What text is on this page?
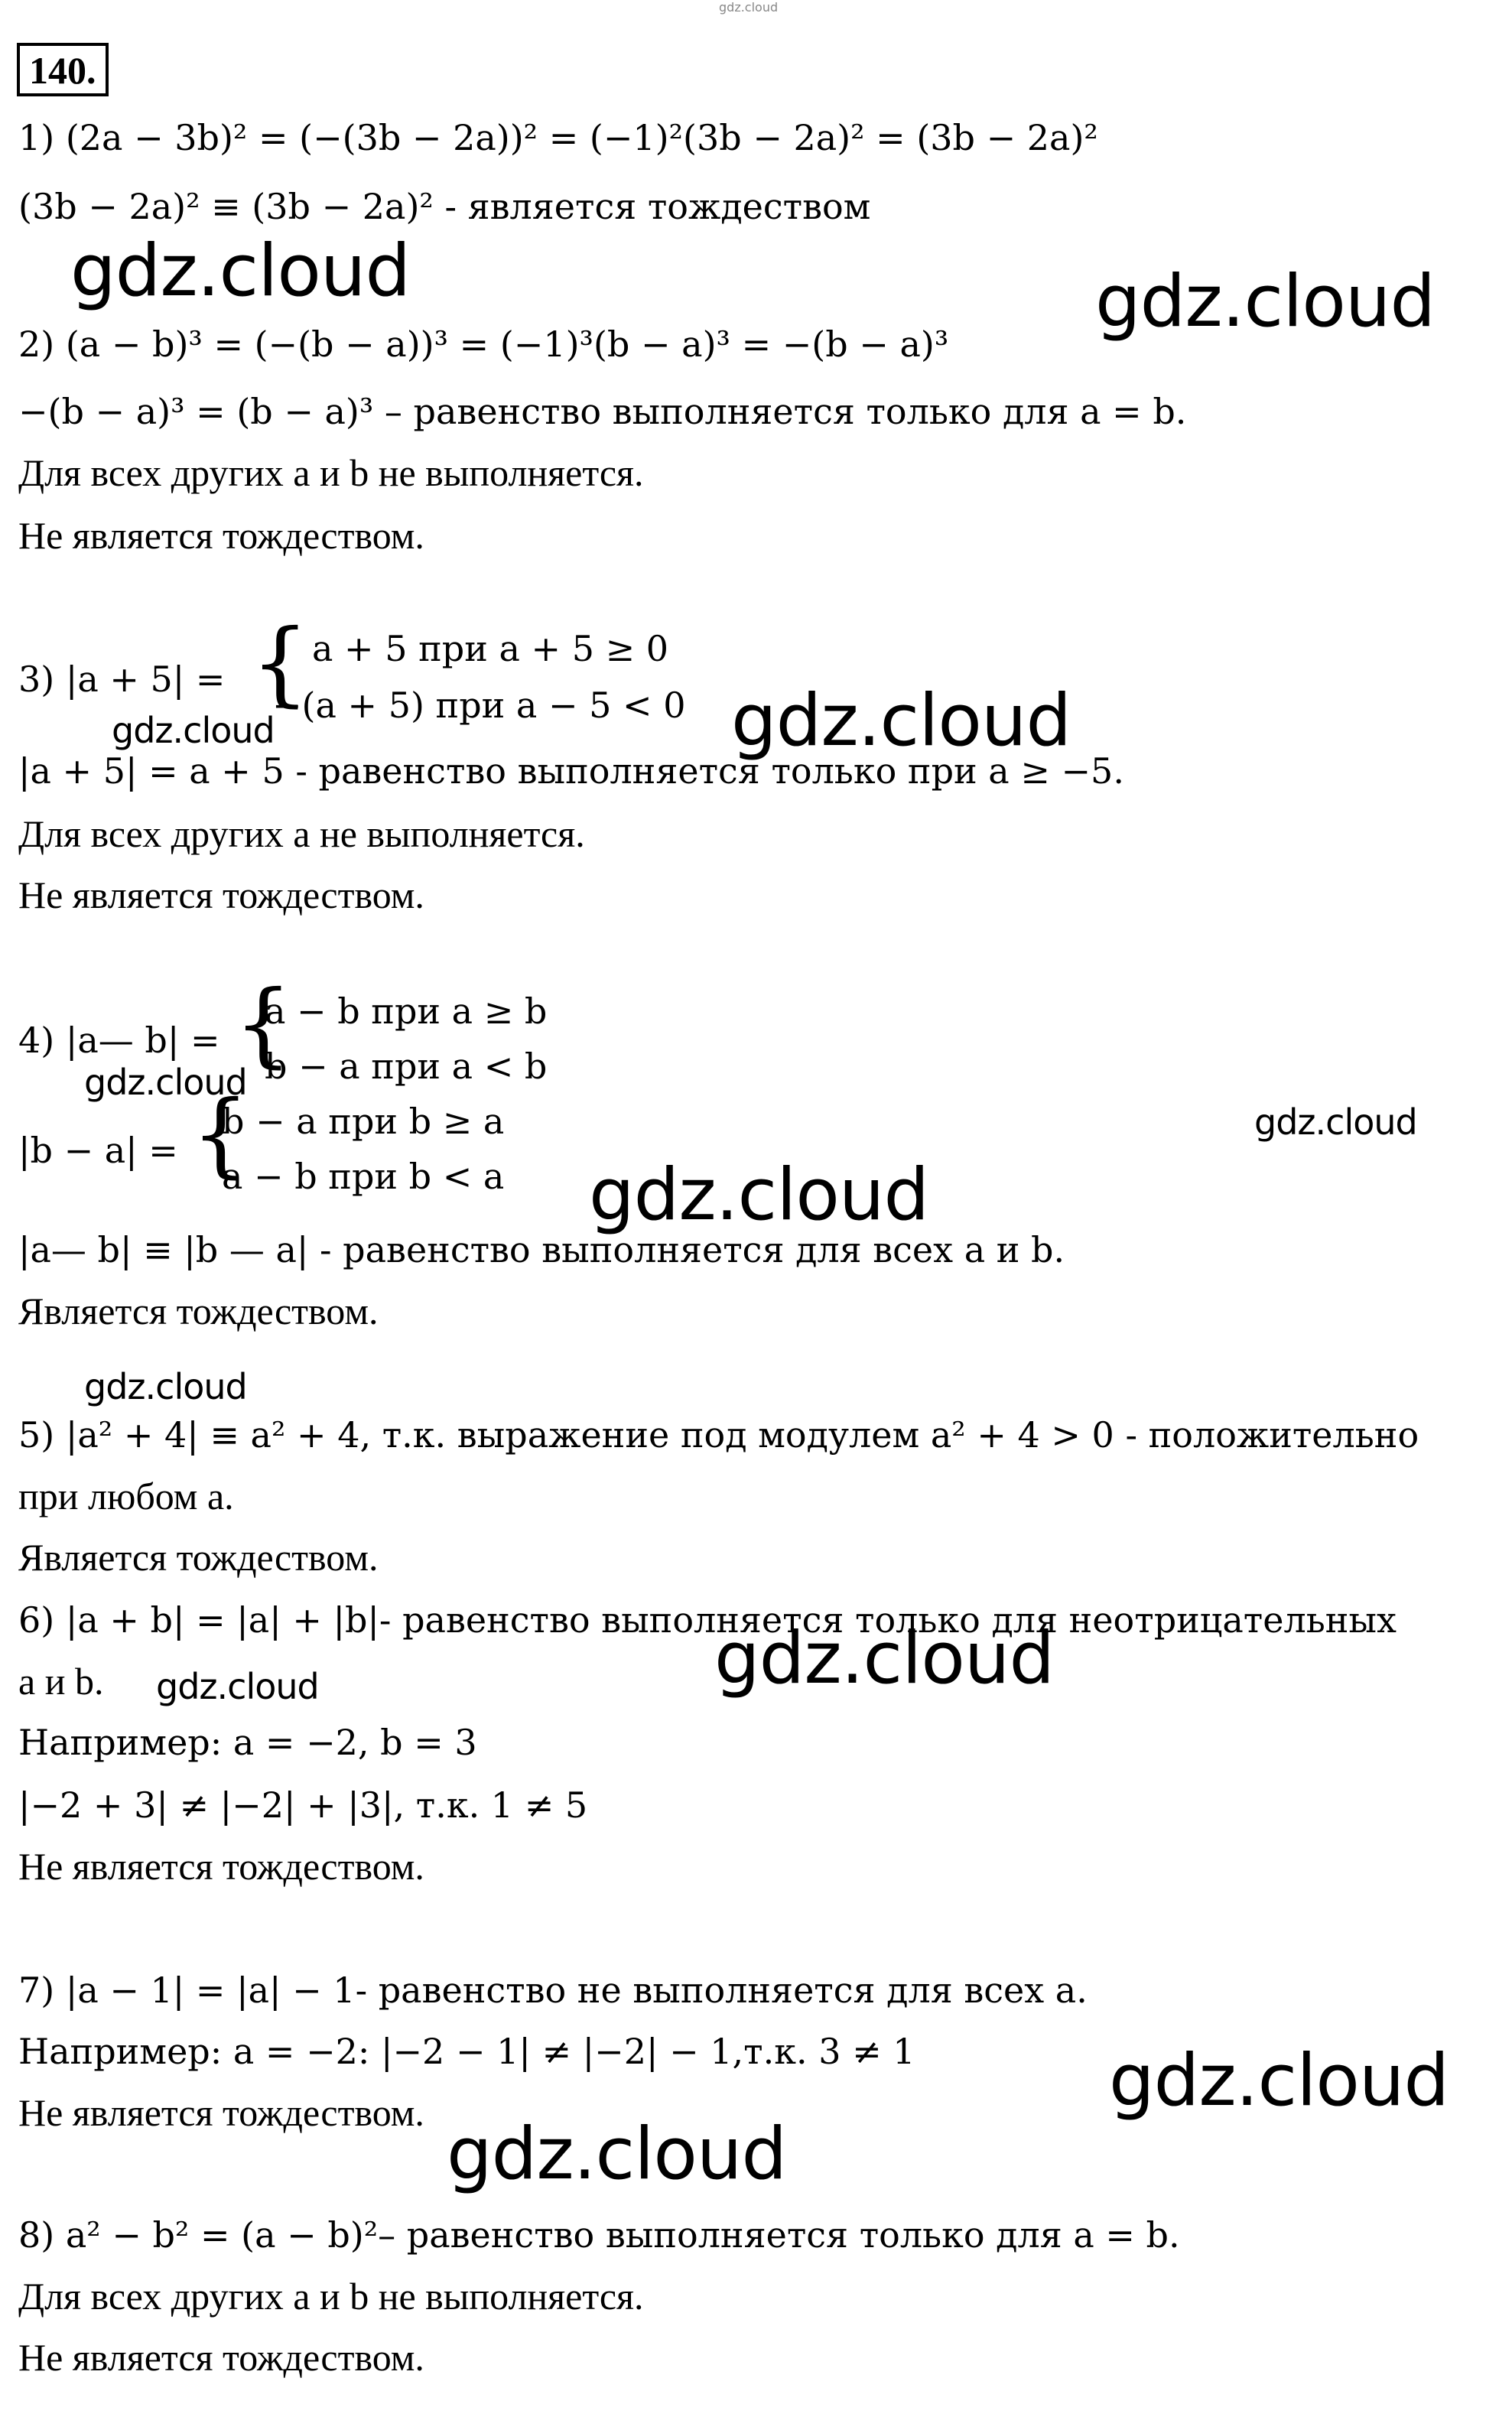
gdz.cloud
140.
1) (2a − 3b)² = (−(3b − 2a))² = (−1)²(3b − 2a)² = (3b − 2a)²
(3b − 2a)² ≡ (3b − 2a)² - является тождеством
gdz.cloud	gdz.cloud
2) (a − b)³ = (−(b − a))³ = (−1)³(b − a)³ = −(b − a)³
−(b − a)³ = (b − a)³ – равенство выполняется только для a = b.
Для всех других a и b не выполняется.
Не является тождеством.
3) |a + 5| = { a + 5 при a + 5 ≥ 0
−(a + 5) при a − 5 < 0
gdz.cloud	gdz.cloud
|a + 5| = a + 5 - равенство выполняется только при a ≥ −5.
Для всех других a не выполняется.
Не является тождеством.
4) |a— b| = {
a − b при a ≥ b
b − a при a < b
gdz.cloud
|b − a| = {
b − a при b ≥ a
a − b при b < a
gdz.cloud
gdz.cloud
|a— b| ≡ |b — a| - равенство выполняется для всех a и b.
Является тождеством.
gdz.cloud
5) |a² + 4| ≡ a² + 4, т.к. выражение под модулем a² + 4 > 0 - положительно
при любом a.
Является тождеством.
6) |a + b| = |a| + |b|- равенство выполняется только для неотрицательных
a и b. gdz.cloud	gdz.cloud
Например: a = −2, b = 3
|−2 + 3| ≠ |−2| + |3|, т.к. 1 ≠ 5
Не является тождеством.
7) |a − 1| = |a| − 1- равенство не выполняется для всех a.
Например: a = −2: |−2 − 1| ≠ |−2| − 1,т.к. 3 ≠ 1	gdz.cloud
Не является тождеством. gdz.cloud
8) a² − b² = (a − b)²– равенство выполняется только для a = b.
Для всех других a и b не выполняется.
Не является тождеством.
